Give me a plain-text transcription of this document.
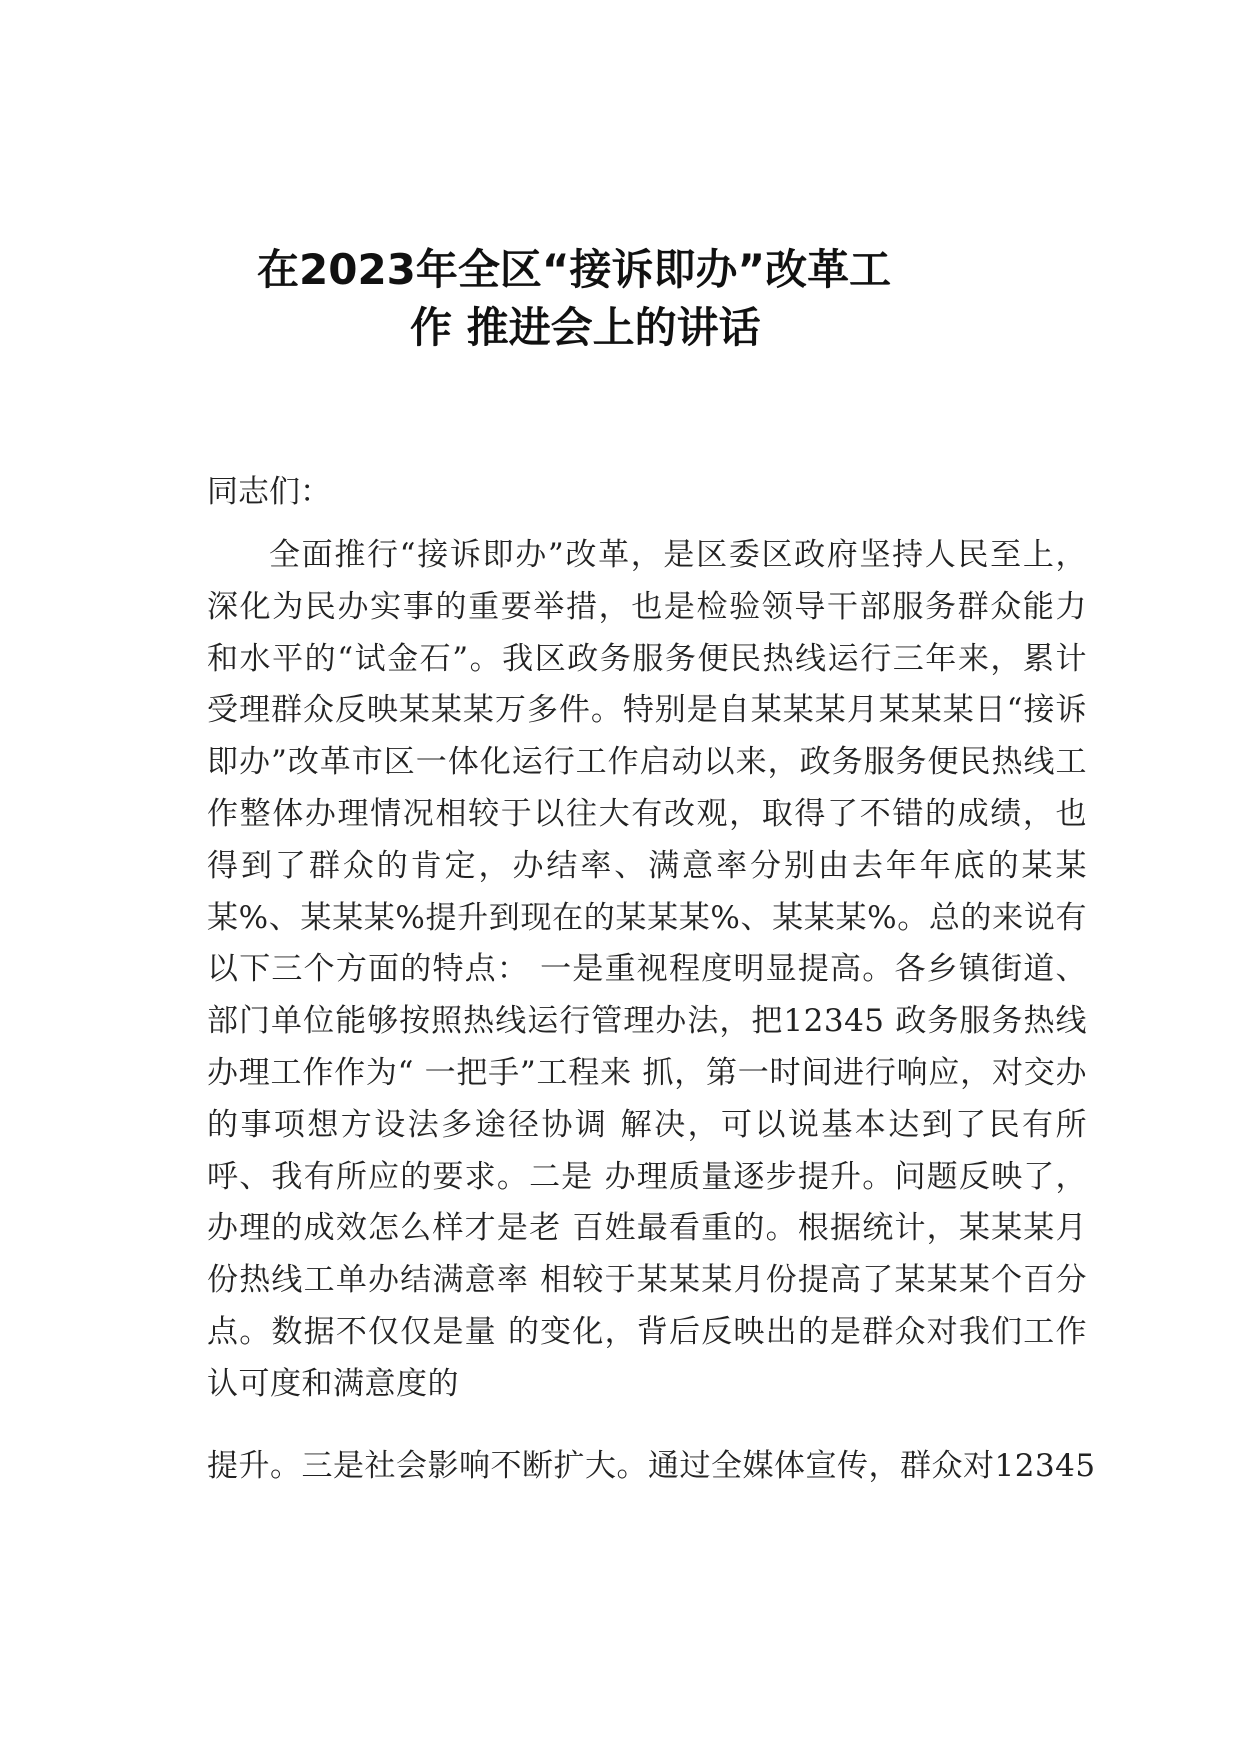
在2023年全区“接诉即办”改革工
作 推进会上的讲话
同志们：
全面推行“接诉即办”改革，是区委区政府坚持人民至上，深化为民办实事的重要举措，也是检验领导干部服务群众能力和水平的“试金石”。我区政务服务便民热线运行三年来，累计受理群众反映某某某万多件。特别是自某某某月某某某日“接诉即办”改革市区一体化运行工作启动以来，政务服务便民热线工作整体办理情况相较于以往大有改观，取得了不错的成绩，也得到了群众的肯定，办结率、满意率分别由去年年底的某某某%、某某某%提升到现在的某某某%、某某某%。总的来说有以下三个方面的特点： 一是重视程度明显提高。各乡镇街道、部门单位能够按照热线运行管理办法，把12345 政务服务热线办理工作作为“ 一把手”工程来 抓，第一时间进行响应，对交办的事项想方设法多途径协调 解决，可以说基本达到了民有所呼、我有所应的要求。二是 办理质量逐步提升。问题反映了，办理的成效怎么样才是老 百姓最看重的。根据统计，某某某月份热线工单办结满意率 相较于某某某月份提高了某某某个百分点。数据不仅仅是量 的变化，背后反映出的是群众对我们工作认可度和满意度的
提升。三是社会影响不断扩大。通过全媒体宣传，群众对12345
